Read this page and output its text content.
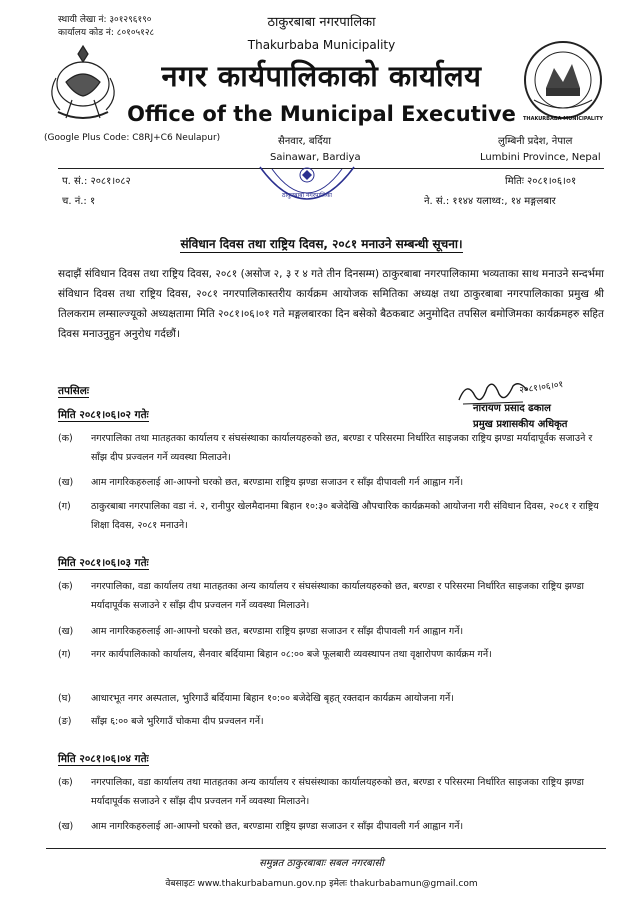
स्थायी लेखा नं: ३०१२९६१९०
कार्यालय कोड नं: ८०१०५१२८
ठाकुरबाबा नगरपालिका
Thakurbaba Municipality
नगर कार्यपालिकाको कार्यालय
Office of the Municipal Executive	THAKURBABA MUNICIPALITY
(Google Plus Code: C8RJ+C6 Neulapur)	सैनवार, बर्दिया
Sainawar, Bardiya
लुम्बिनी प्रदेश, नेपाल
Lumbini Province, Nepal
प. सं.: २०८१।०८२
च. नं.: १
मितिः २०८१।०६।०१
ने. सं.: ११४४ यलाथ्व:, १४ मङ्गलबार
ठाकुरबाबा नगरपालिका
संविधान दिवस तथा राष्ट्रिय दिवस, २०८१ मनाउने सम्बन्धी सूचना।
सदाझैं संविधान दिवस तथा राष्ट्रिय दिवस, २०८१ (असोज २, ३ र ४ गते तीन दिनसम्म) ठाकुरबाबा नगरपालिकामा भव्यताका साथ मनाउने सन्दर्भमा संविधान दिवस तथा राष्ट्रिय दिवस, २०८१ नगरपालिकास्तरीय कार्यक्रम आयोजक समितिका अध्यक्ष तथा ठाकुरबाबा नगरपालिकाका प्रमुख श्री तिलकराम लम्साल्ज्यूको अध्यक्षतामा मिति २०८१।०६।०१ गते मङ्गलबारका दिन बसेको बैठकबाट अनुमोदित तपसिल बमोजिमका कार्यक्रमहरु सहित दिवस मनाउनुहुन अनुरोध गर्दछौं।
२०८१।०६।०१
नारायण प्रसाद ढकाल
प्रमुख प्रशासकीय अधिकृत
तपसिलः
मिति २०८१।०६।०२ गतेः
(क)	नगरपालिका तथा मातहतका कार्यालय र संघसंस्थाका कार्यालयहरुको छत, बरण्डा र परिसरमा निर्धारित साइजका राष्ट्रिय झण्डा मर्यादापूर्वक सजाउने र साँझ दीप प्रज्वलन गर्ने व्यवस्था मिलाउने।
(ख)	आम नागरिकहरुलाई आ-आफ्नो घरको छत, बरण्डामा राष्ट्रिय झण्डा सजाउन र साँझ दीपावली गर्न आह्वान गर्ने।
(ग)	ठाकुरबाबा नगरपालिका वडा नं. २, रानीपुर खेलमैदानमा बिहान १०:३० बजेदेखि औपचारिक कार्यक्रमको आयोजना गरी संविधान दिवस, २०८१ र राष्ट्रिय शिक्षा दिवस, २०८१ मनाउने।
मिति २०८१।०६।०३ गतेः
(क)	नगरपालिका, वडा कार्यालय तथा मातहतका अन्य कार्यालय र संघसंस्थाका कार्यालयहरुको छत, बरण्डा र परिसरमा निर्धारित साइजका राष्ट्रिय झण्डा मर्यादापूर्वक सजाउने र साँझ दीप प्रज्वलन गर्ने व्यवस्था मिलाउने।
(ख)	आम नागरिकहरुलाई आ-आफ्नो घरको छत, बरण्डामा राष्ट्रिय झण्डा सजाउन र साँझ दीपावली गर्न आह्वान गर्ने।
(ग)	नगर कार्यपालिकाको कार्यालय, सैनवार बर्दियामा बिहान ०८:०० बजे फूलबारी व्यवस्थापन तथा वृक्षारोपण कार्यक्रम गर्ने।
(घ)	आधारभूत नगर अस्पताल, भुरिगाउँ बर्दियामा बिहान १०:०० बजेदेखि बृहत् रक्तदान कार्यक्रम आयोजना गर्ने।
(ङ)	साँझ ६:०० बजे भुरिगाउँ चोकमा दीप प्रज्वलन गर्ने।
मिति २०८१।०६।०४ गतेः
(क)	नगरपालिका, वडा कार्यालय तथा मातहतका अन्य कार्यालय र संघसंस्थाका कार्यालयहरुको छत, बरण्डा र परिसरमा निर्धारित साइजका राष्ट्रिय झण्डा मर्यादापूर्वक सजाउने र साँझ दीप प्रज्वलन गर्ने व्यवस्था मिलाउने।
(ख)	आम नागरिकहरुलाई आ-आफ्नो घरको छत, बरण्डामा राष्ट्रिय झण्डा सजाउन र साँझ दीपावली गर्न आह्वान गर्ने।
समुन्नत ठाकुरबाबाः सबल नगरबासी
वेबसाइटः www.thakurbabamun.gov.np इमेलः thakurbabamun@gmail.com
